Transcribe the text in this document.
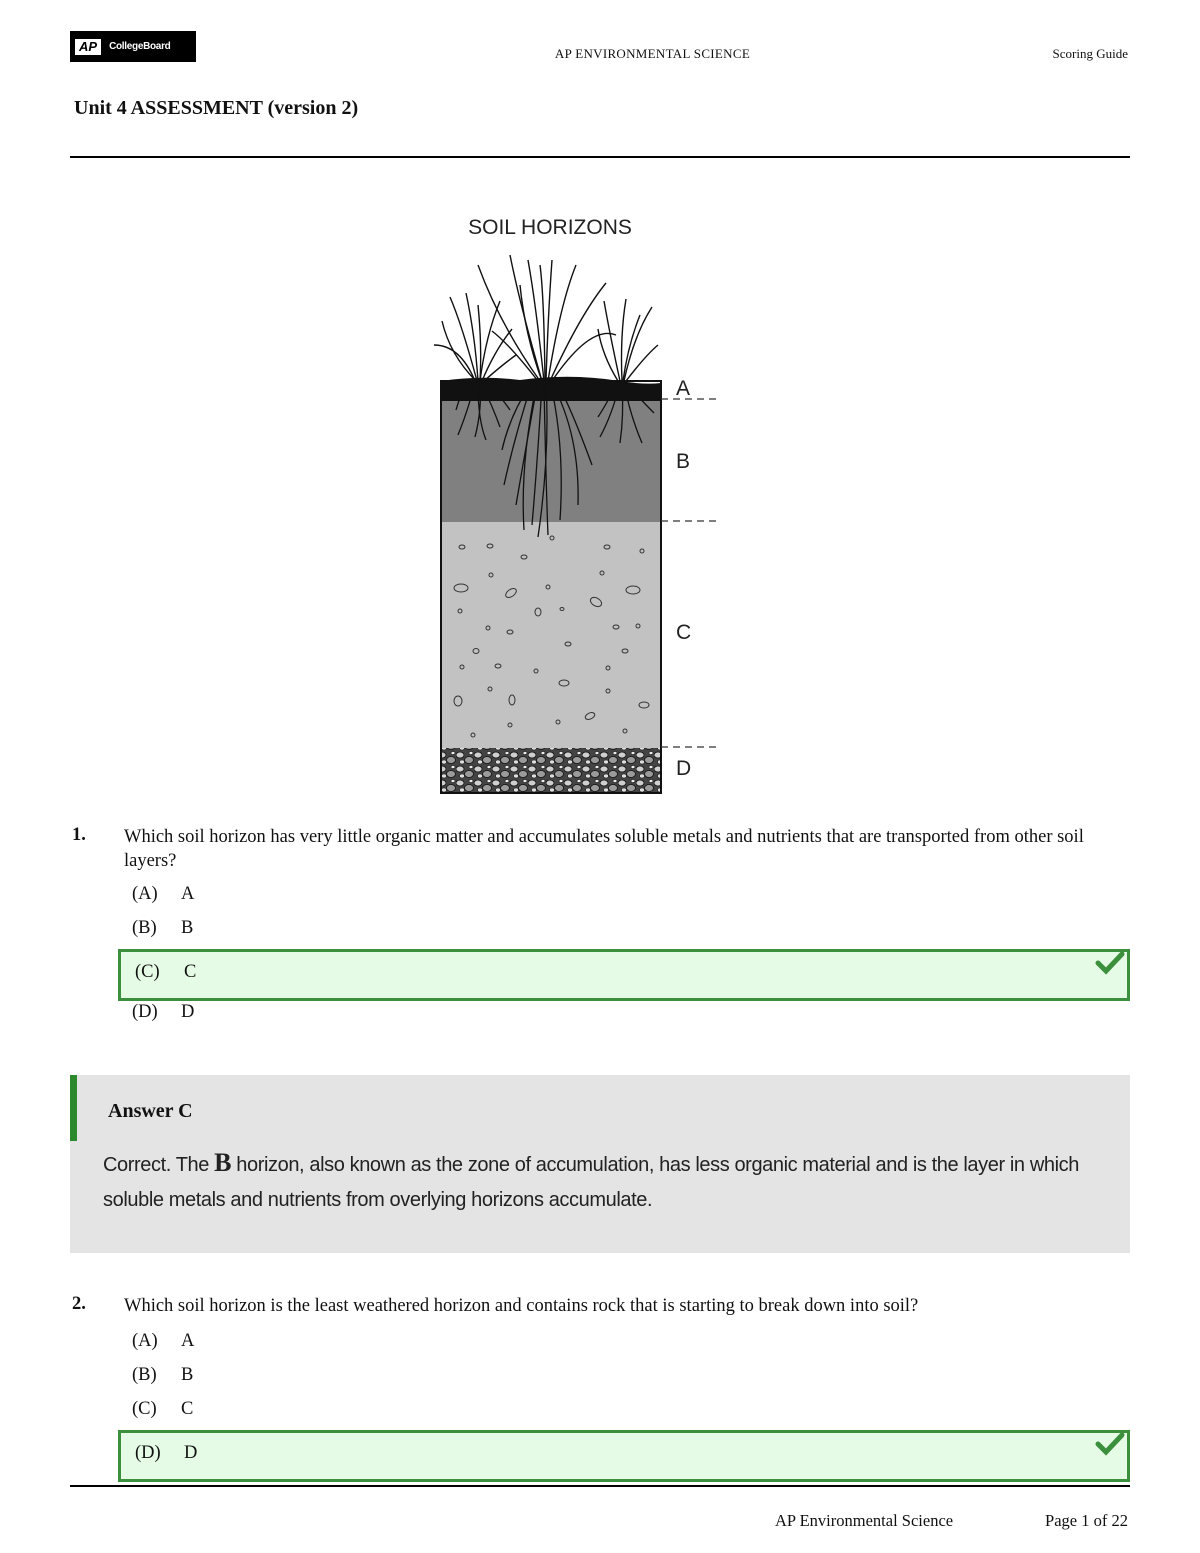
AP	CollegeBoard	AP ENVIRONMENTAL SCIENCE	Scoring Guide
Unit 4 ASSESSMENT (version 2)
SOIL HORIZONS
A
B
C
D
1. Which soil horizon has very little organic matter and accumulates soluble metals and nutrients that are transported from other soil layers?
(A) A
(B) B
(C) C
(D) D
Answer C
Correct. The B horizon, also known as the zone of accumulation, has less organic material and is the layer in which soluble metals and nutrients from overlying horizons accumulate.
2. Which soil horizon is the least weathered horizon and contains rock that is starting to break down into soil?
(A) A
(B) B
(C) C
(D) D
AP Environmental Science	Page 1 of 22
